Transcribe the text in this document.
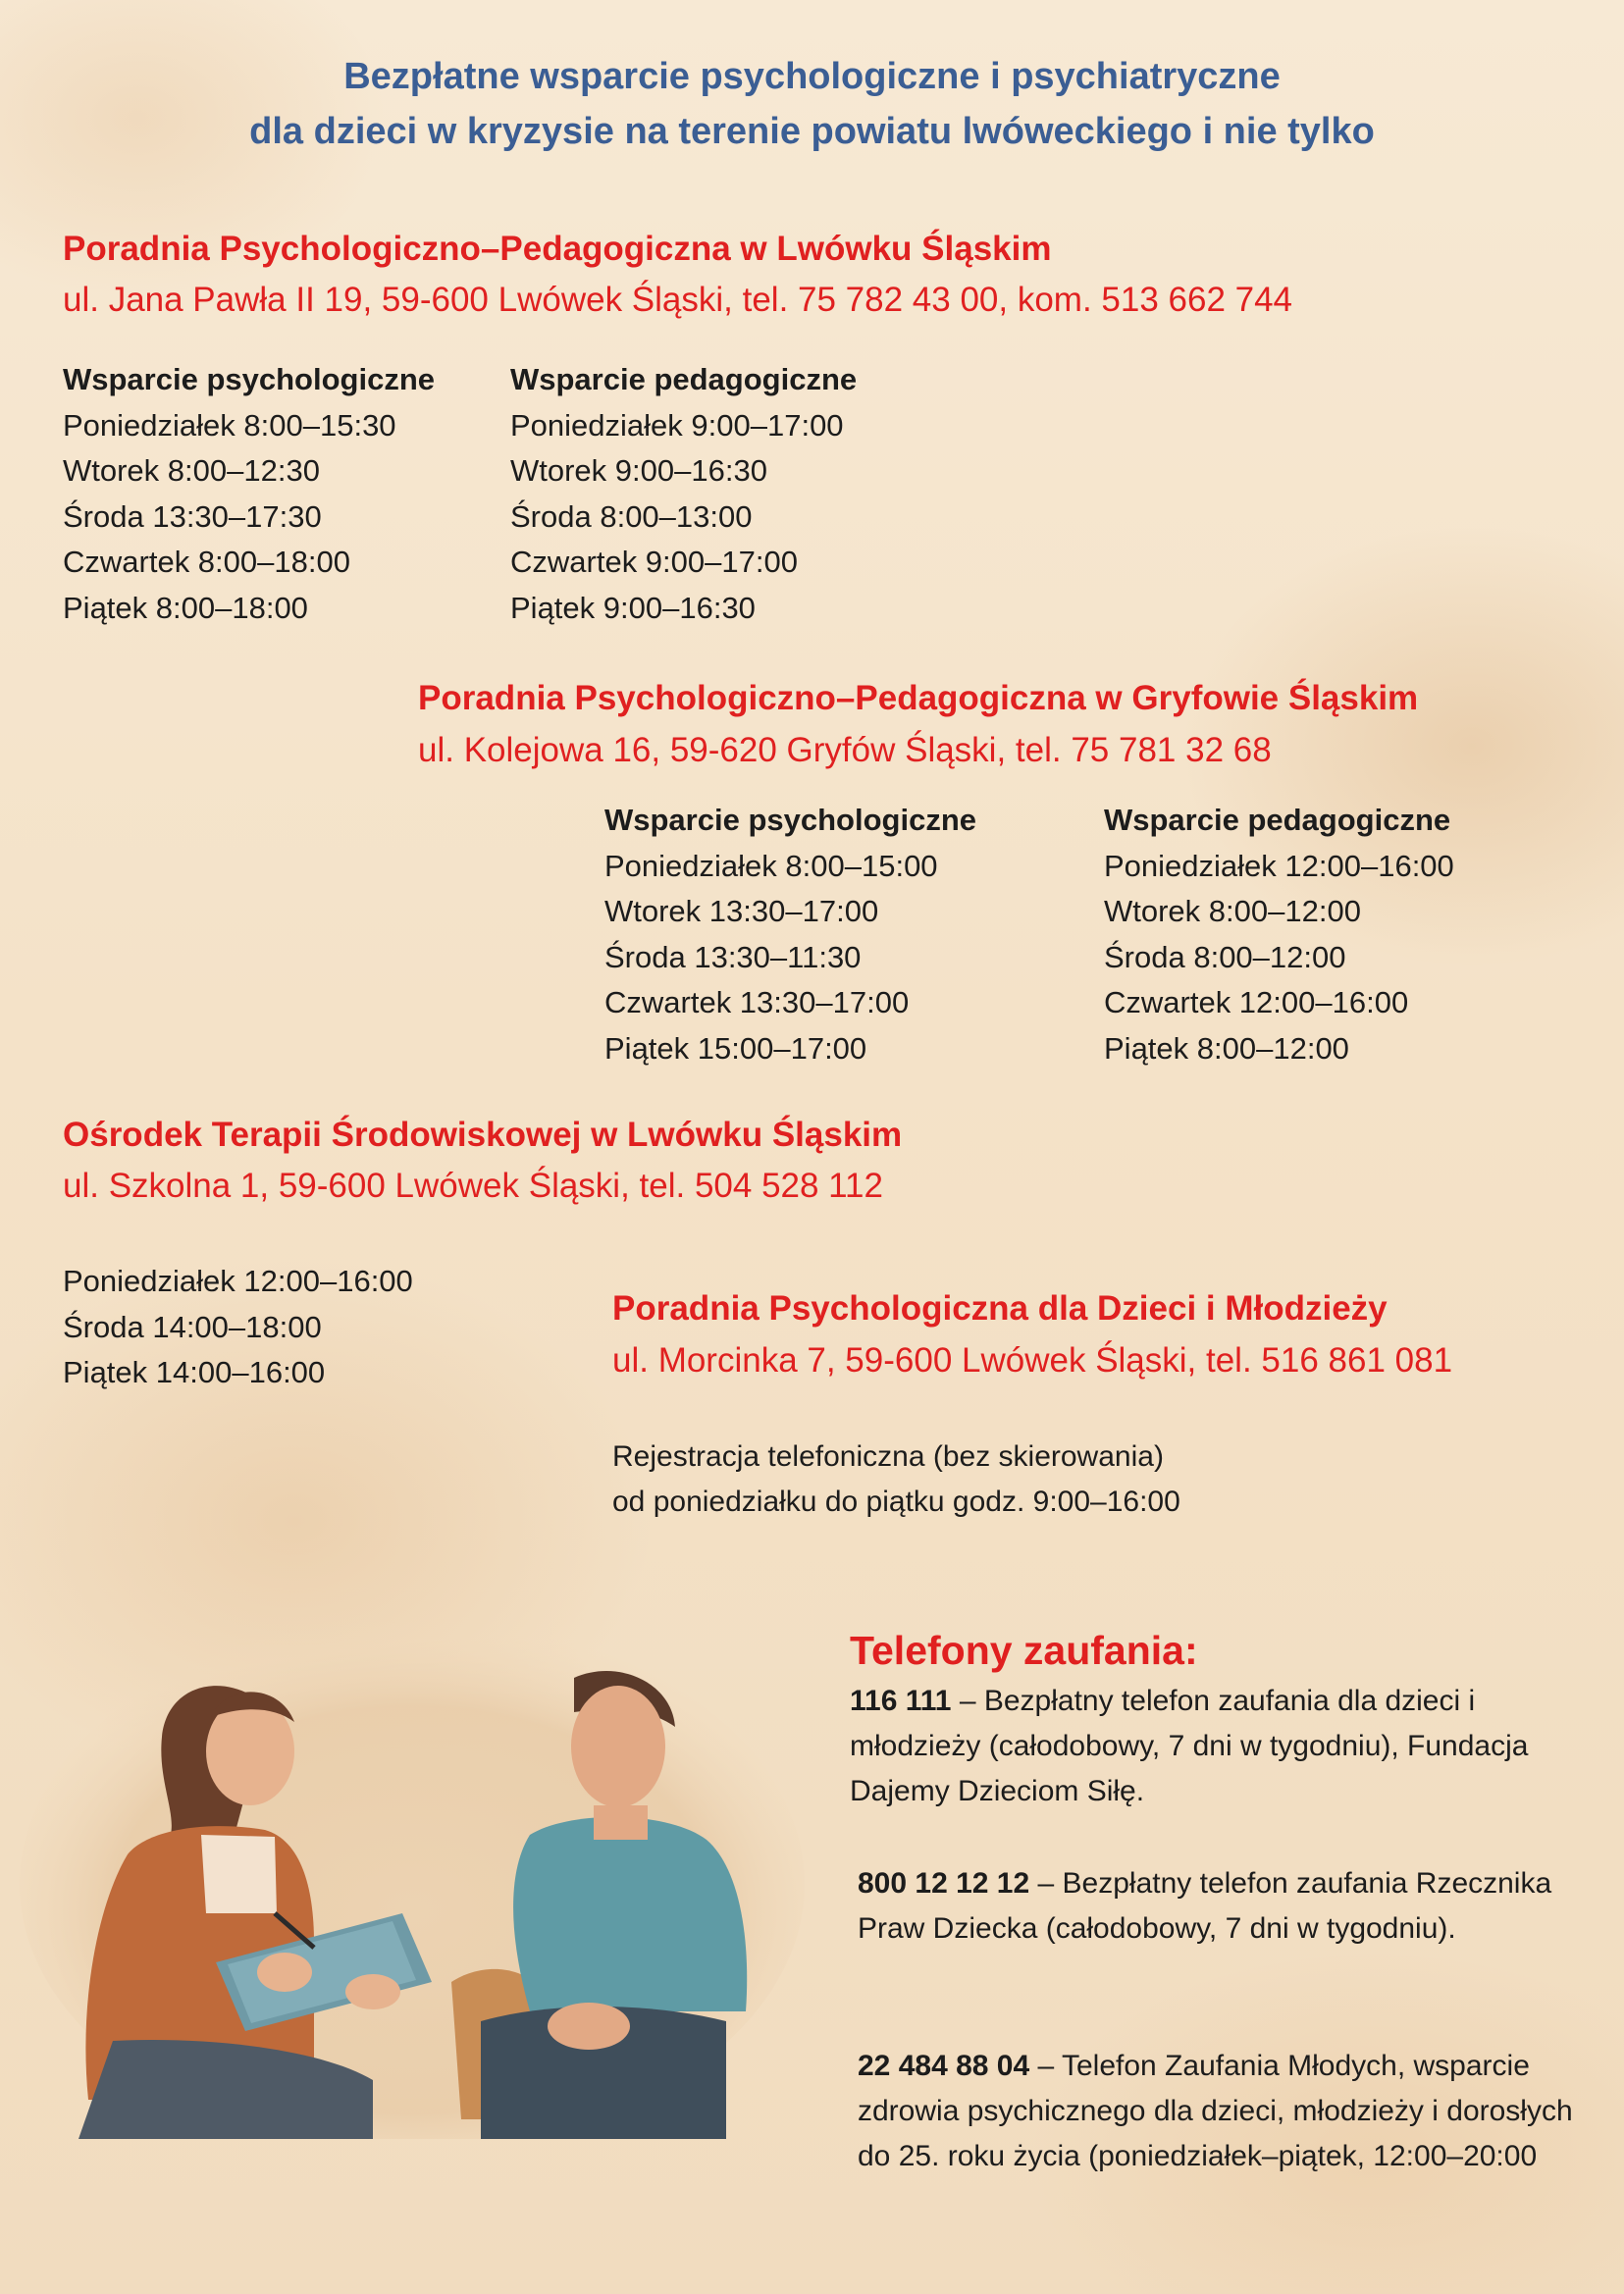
Bezpłatne wsparcie psychologiczne i psychiatryczne
dla dzieci w kryzysie na terenie powiatu lwóweckiego i nie tylko
Poradnia Psychologiczno–Pedagogiczna w Lwówku Śląskim
ul. Jana Pawła II 19, 59-600 Lwówek Śląski, tel. 75 782 43 00, kom. 513 662 744
Wsparcie psychologiczne
Poniedziałek 8:00–15:30
Wtorek 8:00–12:30
Środa 13:30–17:30
Czwartek 8:00–18:00
Piątek 8:00–18:00
Wsparcie pedagogiczne
Poniedziałek 9:00–17:00
Wtorek 9:00–16:30
Środa 8:00–13:00
Czwartek 9:00–17:00
Piątek 9:00–16:30
Poradnia Psychologiczno–Pedagogiczna w Gryfowie Śląskim
ul. Kolejowa 16, 59-620 Gryfów Śląski, tel. 75 781 32 68
Wsparcie psychologiczne
Poniedziałek 8:00–15:00
Wtorek 13:30–17:00
Środa 13:30–11:30
Czwartek 13:30–17:00
Piątek 15:00–17:00
Wsparcie pedagogiczne
Poniedziałek 12:00–16:00
Wtorek 8:00–12:00
Środa 8:00–12:00
Czwartek 12:00–16:00
Piątek 8:00–12:00
Ośrodek Terapii Środowiskowej w Lwówku Śląskim
ul. Szkolna 1, 59-600 Lwówek Śląski, tel. 504 528 112
Poniedziałek 12:00–16:00
Środa 14:00–18:00
Piątek 14:00–16:00
Poradnia Psychologiczna dla Dzieci i Młodzieży
ul. Morcinka 7, 59-600 Lwówek Śląski, tel. 516 861 081
Rejestracja telefoniczna (bez skierowania)
od poniedziałku do piątku godz. 9:00–16:00
Telefony zaufania:
116 111 – Bezpłatny telefon zaufania dla dzieci i młodzieży (całodobowy, 7 dni w tygodniu), Fundacja Dajemy Dzieciom Siłę.
800 12 12 12 – Bezpłatny telefon zaufania Rzecznika Praw Dziecka (całodobowy, 7 dni w tygodniu).
22 484 88 04 – Telefon Zaufania Młodych, wsparcie zdrowia psychicznego dla dzieci, młodzieży i dorosłych do 25. roku życia (poniedziałek–piątek, 12:00–20:00
